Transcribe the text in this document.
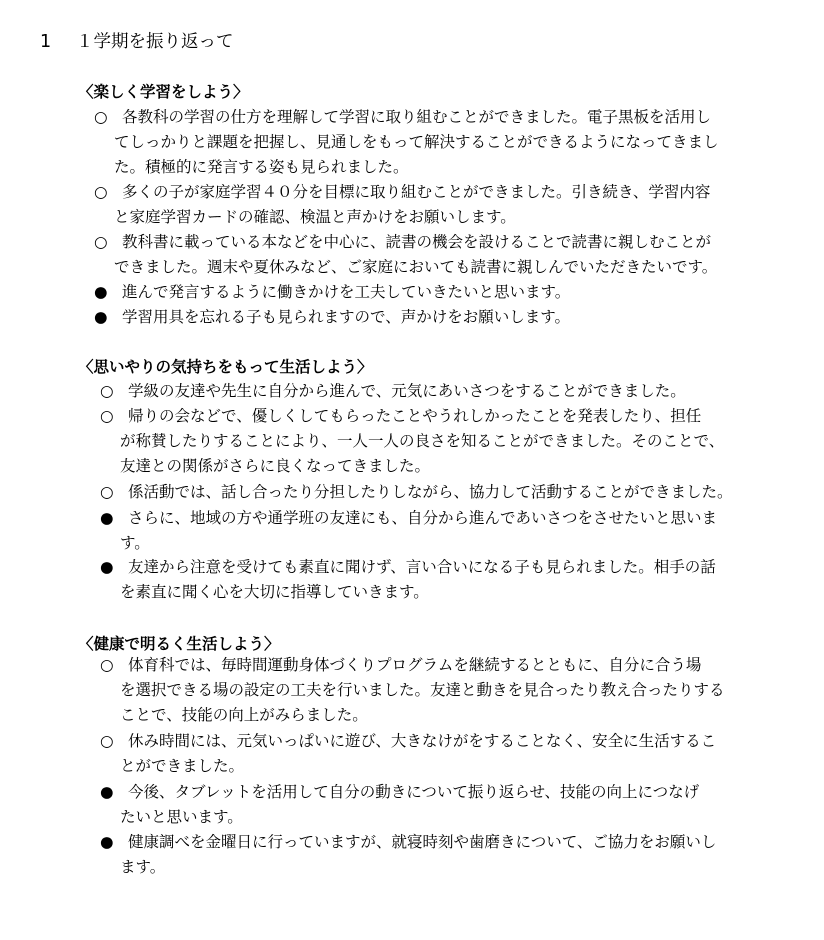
1 １学期を振り返って
〈楽しく学習をしよう〉
○ 各教科の学習の仕方を理解して学習に取り組むことができました。電子黒板を活用し
てしっかりと課題を把握し、見通しをもって解決することができるようになってきまし
た。積極的に発言する姿も見られました。
○ 多くの子が家庭学習４０分を目標に取り組むことができました。引き続き、学習内容
と家庭学習カードの確認、検温と声かけをお願いします。
○ 教科書に載っている本などを中心に、読書の機会を設けることで読書に親しむことが
できました。週末や夏休みなど、ご家庭においても読書に親しんでいただきたいです。
● 進んで発言するように働きかけを工夫していきたいと思います。
● 学習用具を忘れる子も見られますので、声かけをお願いします。
〈思いやりの気持ちをもって生活しよう〉
○ 学級の友達や先生に自分から進んで、元気にあいさつをすることができました。
○ 帰りの会などで、優しくしてもらったことやうれしかったことを発表したり、担任
が称賛したりすることにより、一人一人の良さを知ることができました。そのことで、
友達との関係がさらに良くなってきました。
○ 係活動では、話し合ったり分担したりしながら、協力して活動することができました。
● さらに、地域の方や通学班の友達にも、自分から進んであいさつをさせたいと思いま
す。
● 友達から注意を受けても素直に聞けず、言い合いになる子も見られました。相手の話
を素直に聞く心を大切に指導していきます。
〈健康で明るく生活しよう〉
○ 体育科では、毎時間運動身体づくりプログラムを継続するとともに、自分に合う場
を選択できる場の設定の工夫を行いました。友達と動きを見合ったり教え合ったりする
ことで、技能の向上がみらました。
○ 休み時間には、元気いっぱいに遊び、大きなけがをすることなく、安全に生活するこ
とができました。
● 今後、タブレットを活用して自分の動きについて振り返らせ、技能の向上につなげ
たいと思います。
● 健康調べを金曜日に行っていますが、就寝時刻や歯磨きについて、ご協力をお願いし
ます。
